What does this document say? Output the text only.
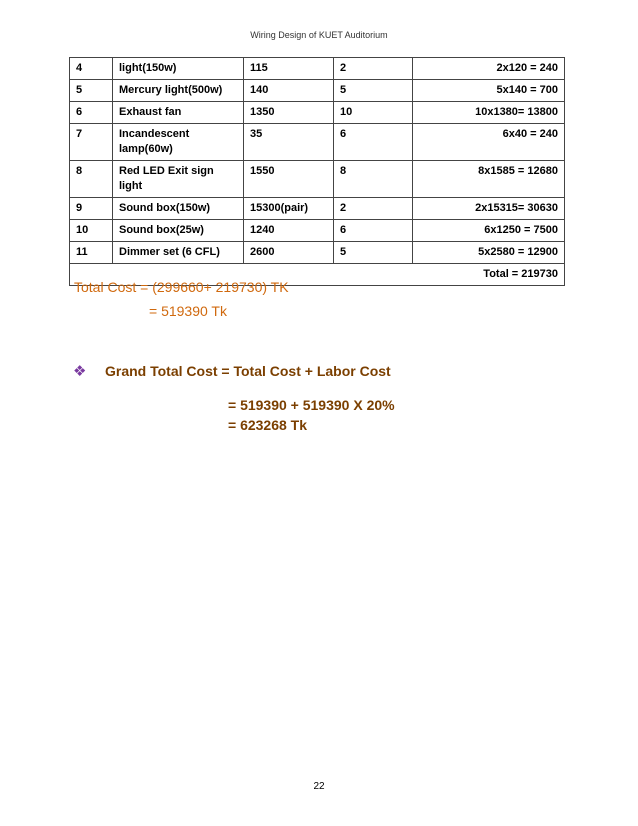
Wiring Design of KUET Auditorium
4	light(150w)	115	2	2x120 = 240
5	Mercury light(500w)	140	5	5x140 = 700
6	Exhaust fan	1350	10	10x1380= 13800
7	Incandescent lamp(60w)	35	6	6x40 = 240
8	Red LED Exit sign light	1550	8	8x1585 = 12680
9	Sound box(150w)	15300(pair)	2	2x15315= 30630
10	Sound box(25w)	1240	6	6x1250 = 7500
11	Dimmer set (6 CFL)	2600	5	5x2580 = 12900
Total = 219730				
Total Cost = (299660+ 219730) TK
= 519390 Tk
❖	Grand Total Cost = Total Cost + Labor Cost
= 519390 + 519390 X 20%
= 623268 Tk
22
